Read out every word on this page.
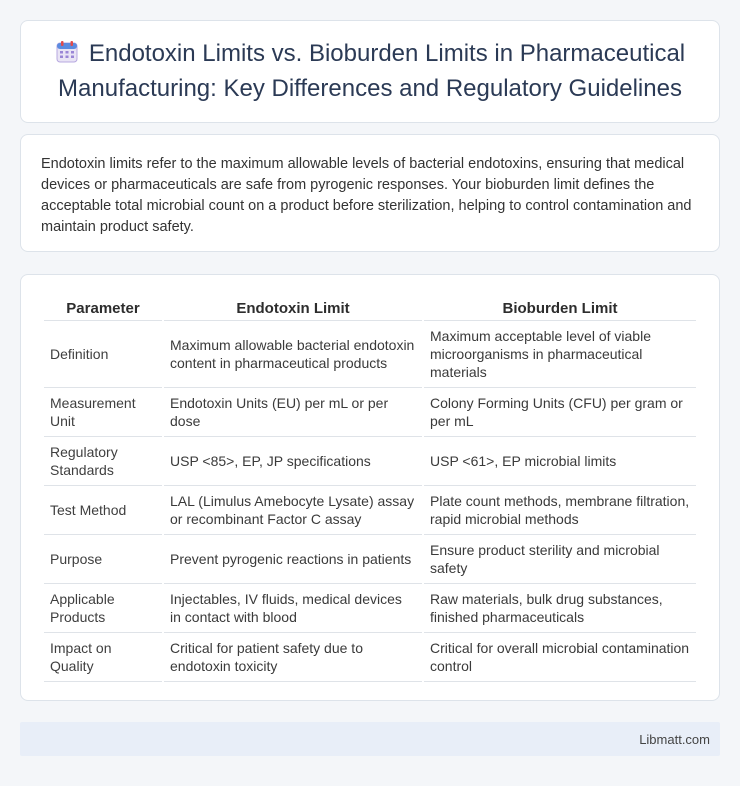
Endotoxin Limits vs. Bioburden Limits in Pharmaceutical Manufacturing: Key Differences and Regulatory Guidelines

Endotoxin limits refer to the maximum allowable levels of bacterial endotoxins, ensuring that medical devices or pharmaceuticals are safe from pyrogenic responses. Your bioburden limit defines the acceptable total microbial count on a product before sterilization, helping to control contamination and maintain product safety.

Parameter	Endotoxin Limit	Bioburden Limit
Definition	Maximum allowable bacterial endotoxin content in pharmaceutical products	Maximum acceptable level of viable microorganisms in pharmaceutical materials
Measurement Unit	Endotoxin Units (EU) per mL or per dose	Colony Forming Units (CFU) per gram or per mL
Regulatory Standards	USP <85>, EP, JP specifications	USP <61>, EP microbial limits
Test Method	LAL (Limulus Amebocyte Lysate) assay or recombinant Factor C assay	Plate count methods, membrane filtration, rapid microbial methods
Purpose	Prevent pyrogenic reactions in patients	Ensure product sterility and microbial safety
Applicable Products	Injectables, IV fluids, medical devices in contact with blood	Raw materials, bulk drug substances, finished pharmaceuticals
Impact on Quality	Critical for patient safety due to endotoxin toxicity	Critical for overall microbial contamination control
Libmatt.com
